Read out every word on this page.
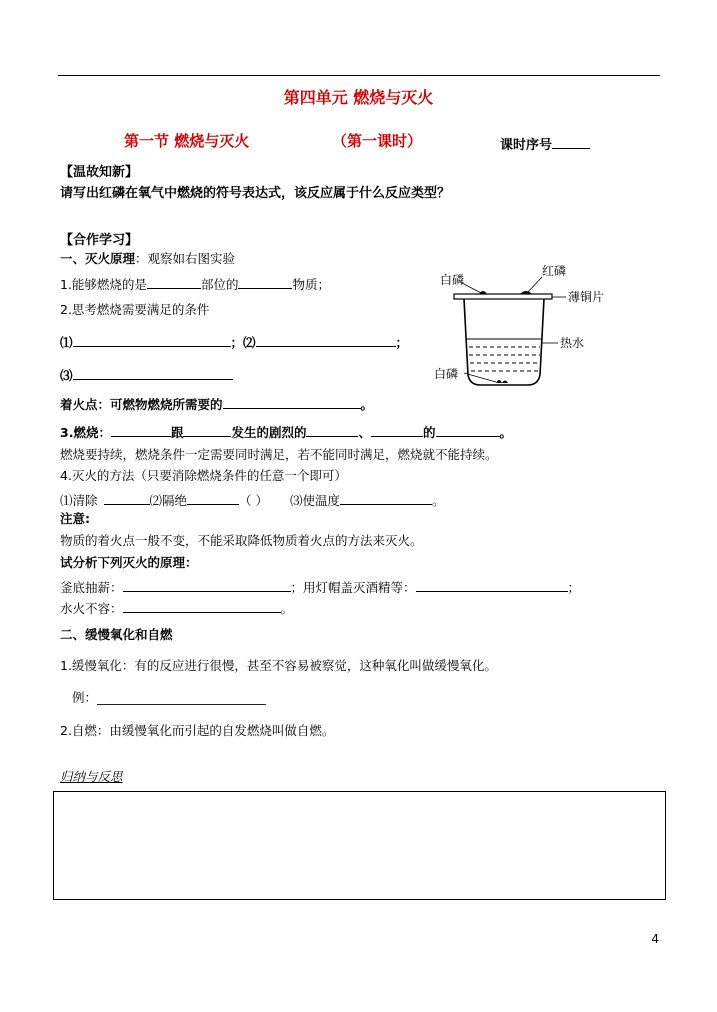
第四单元 燃烧与灭火
第一节 燃烧与灭火	（第一课时）	课时序号
【温故知新】
请写出红磷在氧气中燃烧的符号表达式，该反应属于什么反应类型？
【合作学习】
一、灭火原理：观察如右图实验
1.能够燃烧的是	部位的	物质；
2.思考燃烧需要满足的条件
⑴	；⑵	；
⑶
着火点：可燃物燃烧所需要的	。
3.燃烧：	跟	发生的剧烈的	、	的	。
燃烧要持续，燃烧条件一定需要同时满足，若不能同时满足，燃烧就不能持续。
4.灭火的方法（只要消除燃烧条件的任意一个即可）
⑴清除	⑵隔绝	（ ） ⑶使温度	。
注意:
物质的着火点一般不变，不能采取降低物质着火点的方法来灭火。
试分析下列灭火的原理：
釜底抽薪：	；用灯帽盖灭酒精等：	；
水火不容：	。
二、缓慢氧化和自燃
1.缓慢氧化：有的反应进行很慢，甚至不容易被察觉，这种氧化叫做缓慢氧化。
例：___________________________
2.自燃：由缓慢氧化而引起的自发燃烧叫做自燃。
归纳与反思
4
白磷
红磷
薄铜片
热水
白磷
